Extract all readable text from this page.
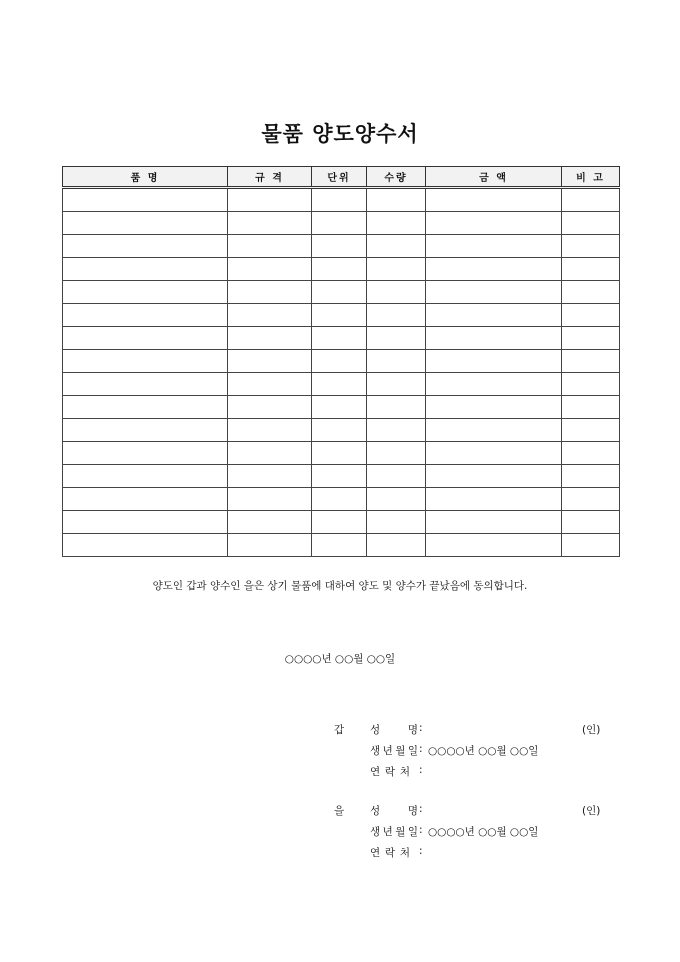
물품 양도양수서
품 명	규 격	단위	수량	금 액	비 고

양도인 갑과 양수인 을은 상기 물품에 대하여 양도 및 양수가 끝났음에 동의합니다.
○○○○년 ○○월 ○○일
갑 성	명 :	(인)
생 년 월 일 : ○○○○년 ○○월 ○○일
연 락 처 :
을 성	명 :	(인)
생 년 월 일 : ○○○○년 ○○월 ○○일
연 락 처 :
